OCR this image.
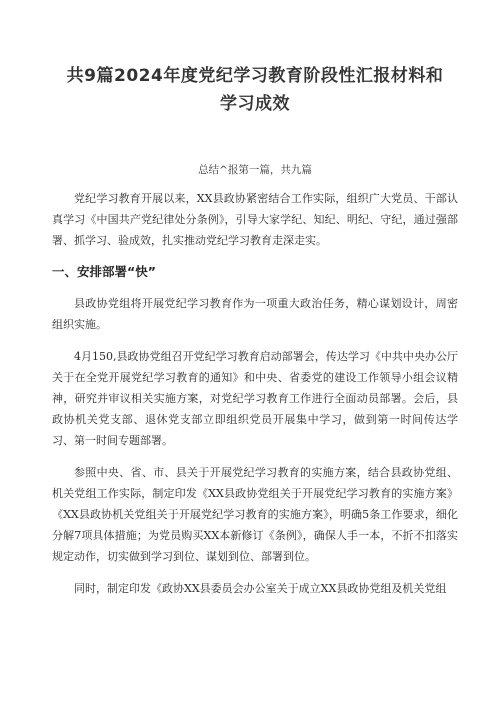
共9篇2024年度党纪学习教育阶段性汇报材料和学习成效
总结^报第一篇，共九篇

党纪学习教育开展以来，XX县政协紧密结合工作实际，组织广大党员、干部认真学习《中国共产党纪律处分条例》，引导大家学纪、知纪、明纪、守纪，通过强部署、抓学习、验成效，扎实推动党纪学习教育走深走实。

一、安排部署“快”

县政协党组将开展党纪学习教育作为一项重大政治任务，精心谋划设计，周密组织实施。

4月150,县政协党组召开党纪学习教育启动部署会，传达学习《中共中央办公厅关于在全党开展党纪学习教育的通知》和中央、省委党的建设工作领导小组会议精神，研究并审议相关实施方案，对党纪学习教育工作进行全面动员部署。会后，县政协机关党支部、退休党支部立即组织党员开展集中学习，做到第一时间传达学习、第一时间专题部署。

参照中央、省、市、县关于开展党纪学习教育的实施方案，结合县政协党组、机关党组工作实际，制定印发《XX县政协党组关于开展党纪学习教育的实施方案》《XX县政协机关党组关于开展党纪学习教育的实施方案》，明确5条工作要求，细化分解7项具体措施；为党员购买XX本新修订《条例》，确保人手一本，不折不扣落实规定动作，切实做到学习到位、谋划到位、部署到位。

同时，制定印发《政协XX县委员会办公室关于成立XX县政协党组及机关党组
